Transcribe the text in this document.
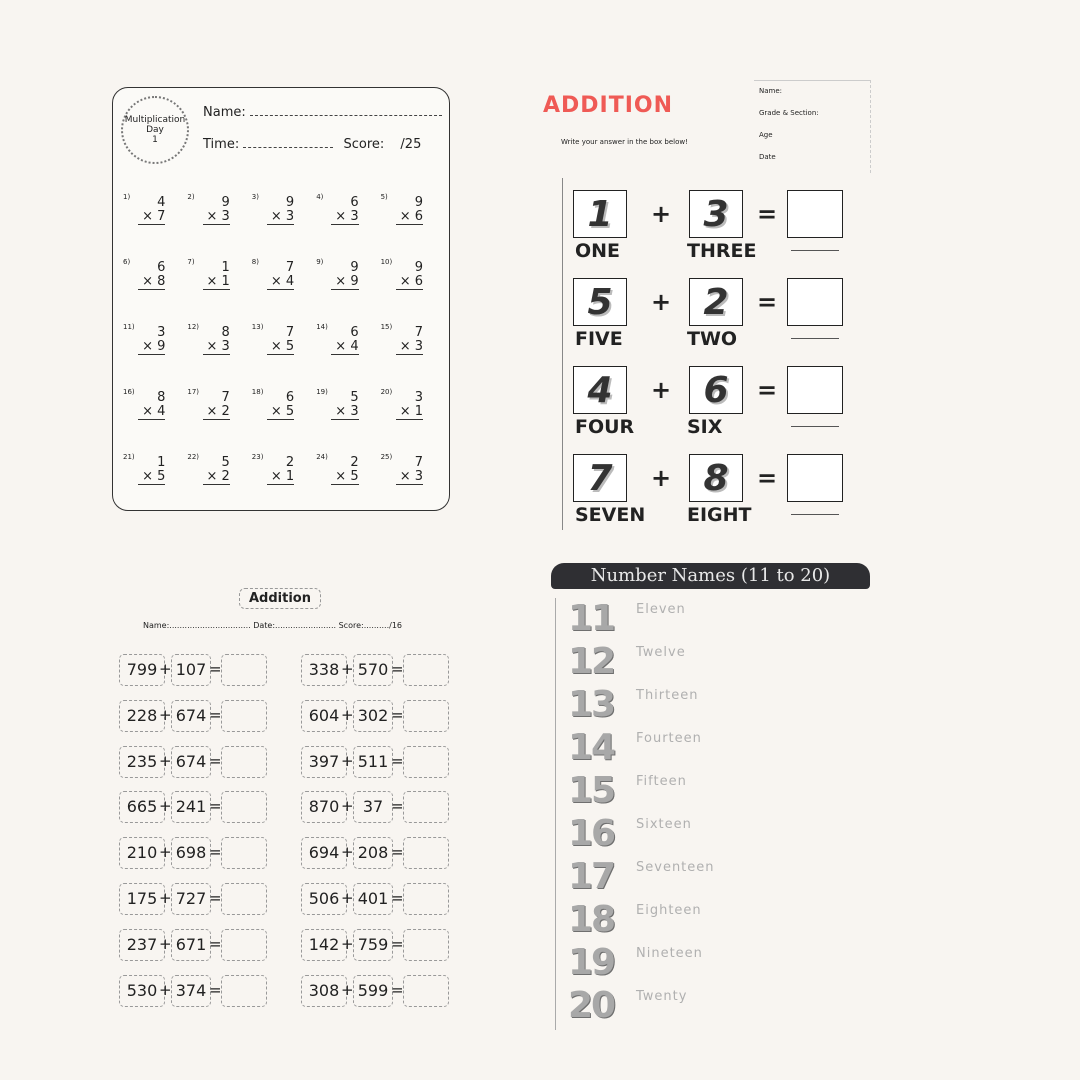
Multiplication
Day
1
Name:
Time:	Score: /25
1) 4
× 7
2) 9
× 3
3) 9
× 3
4) 6
× 3
5) 9
× 6
6) 6
× 8
7) 1
× 1
8) 7
× 4
9) 9
× 9
10) 9
× 6
11) 3
× 9
12) 8
× 3
13) 7
× 5
14) 6
× 4
15) 7
× 3
16) 8
× 4
17) 7
× 2
18) 6
× 5
19) 5
× 3
20) 3
× 1
21) 1
× 5
22) 5
× 2
23) 2
× 1
24) 2
× 5
25) 7
× 3
ADDITION
Write your answer in the box below!
Name:
Grade & Section:
Age
Date
1
ONE
+ 3
THREE
=
5
FIVE
+ 2
TWO
=
4
FOUR
+ 6
SIX
=
7
SEVEN
+ 8
EIGHT
=
Addition
Name:................................ Date:........................ Score:........../16
799 + 107 =
228 + 674 =
235 + 674 =
665 + 241 =
210 + 698 =
175 + 727 =
237 + 671 =
530 + 374 =
338 + 570 =
604 + 302 =
397 + 511 =
870 + 37 =
694 + 208 =
506 + 401 =
142 + 759 =
308 + 599 =
Number Names (11 to 20)
11 Eleven
12 Twelve
13 Thirteen
14 Fourteen
15 Fifteen
16 Sixteen
17 Seventeen
18 Eighteen
19 Nineteen
20 Twenty
